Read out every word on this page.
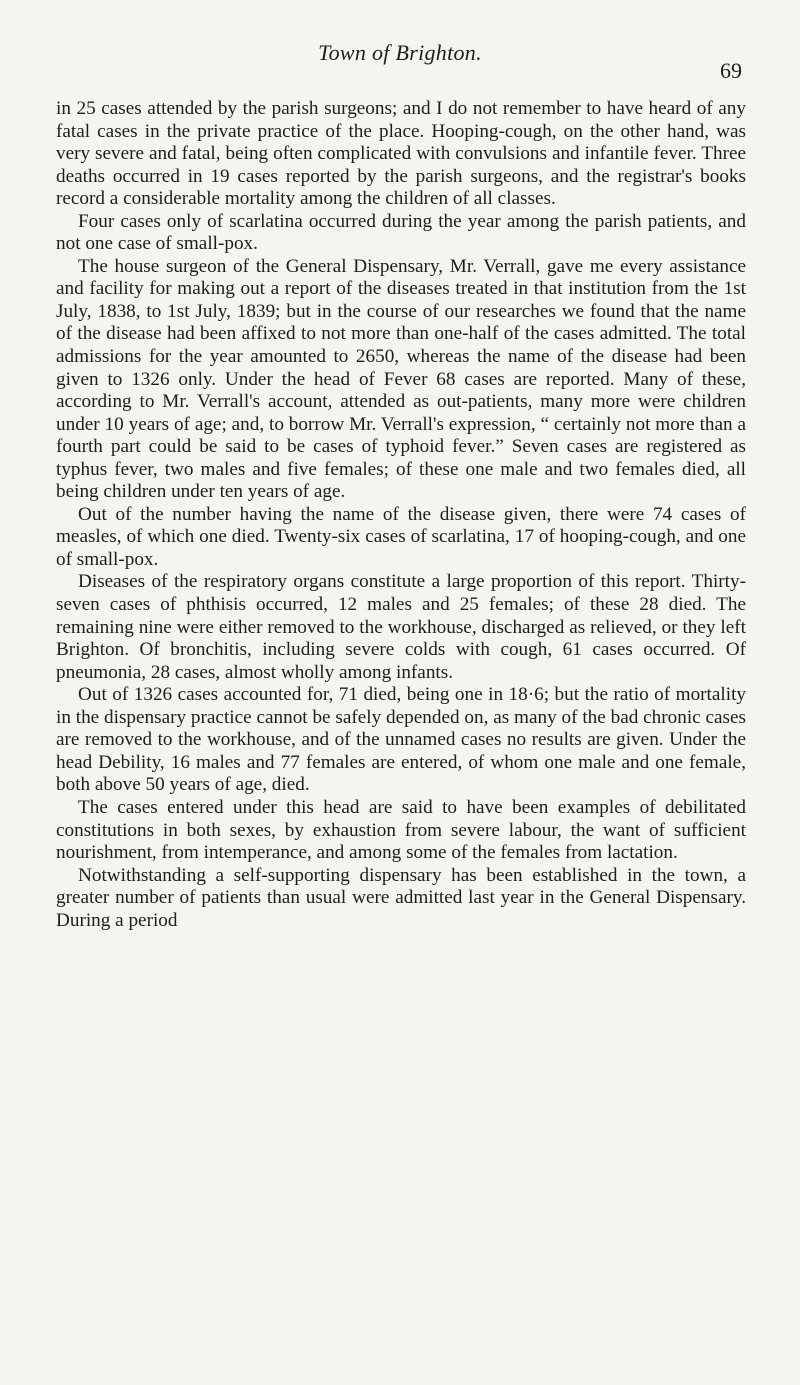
Town of Brighton.
69

in 25 cases attended by the parish surgeons; and I do not remember to have heard of any fatal cases in the private practice of the place. Hooping-cough, on the other hand, was very severe and fatal, being often complicated with convulsions and infantile fever. Three deaths occurred in 19 cases reported by the parish surgeons, and the registrar's books record a considerable mortality among the children of all classes.

Four cases only of scarlatina occurred during the year among the parish patients, and not one case of small-pox.

The house surgeon of the General Dispensary, Mr. Verrall, gave me every assistance and facility for making out a report of the diseases treated in that institution from the 1st July, 1838, to 1st July, 1839; but in the course of our researches we found that the name of the disease had been affixed to not more than one-half of the cases admitted. The total admissions for the year amounted to 2650, whereas the name of the disease had been given to 1326 only. Under the head of Fever 68 cases are reported. Many of these, according to Mr. Verrall's account, attended as out-patients, many more were children under 10 years of age; and, to borrow Mr. Verrall's expression, “ certainly not more than a fourth part could be said to be cases of typhoid fever.” Seven cases are registered as typhus fever, two males and five females; of these one male and two females died, all being children under ten years of age.

Out of the number having the name of the disease given, there were 74 cases of measles, of which one died. Twenty-six cases of scarlatina, 17 of hooping-cough, and one of small-pox.

Diseases of the respiratory organs constitute a large proportion of this report. Thirty-seven cases of phthisis occurred, 12 males and 25 females; of these 28 died. The remaining nine were either removed to the workhouse, discharged as relieved, or they left Brighton. Of bronchitis, including severe colds with cough, 61 cases occurred. Of pneumonia, 28 cases, almost wholly among infants.

Out of 1326 cases accounted for, 71 died, being one in 18·6; but the ratio of mortality in the dispensary practice cannot be safely depended on, as many of the bad chronic cases are removed to the workhouse, and of the unnamed cases no results are given. Under the head Debility, 16 males and 77 females are entered, of whom one male and one female, both above 50 years of age, died.

The cases entered under this head are said to have been examples of debilitated constitutions in both sexes, by exhaustion from severe labour, the want of sufficient nourishment, from intemperance, and among some of the females from lactation.

Notwithstanding a self-supporting dispensary has been established in the town, a greater number of patients than usual were admitted last year in the General Dispensary. During a period
